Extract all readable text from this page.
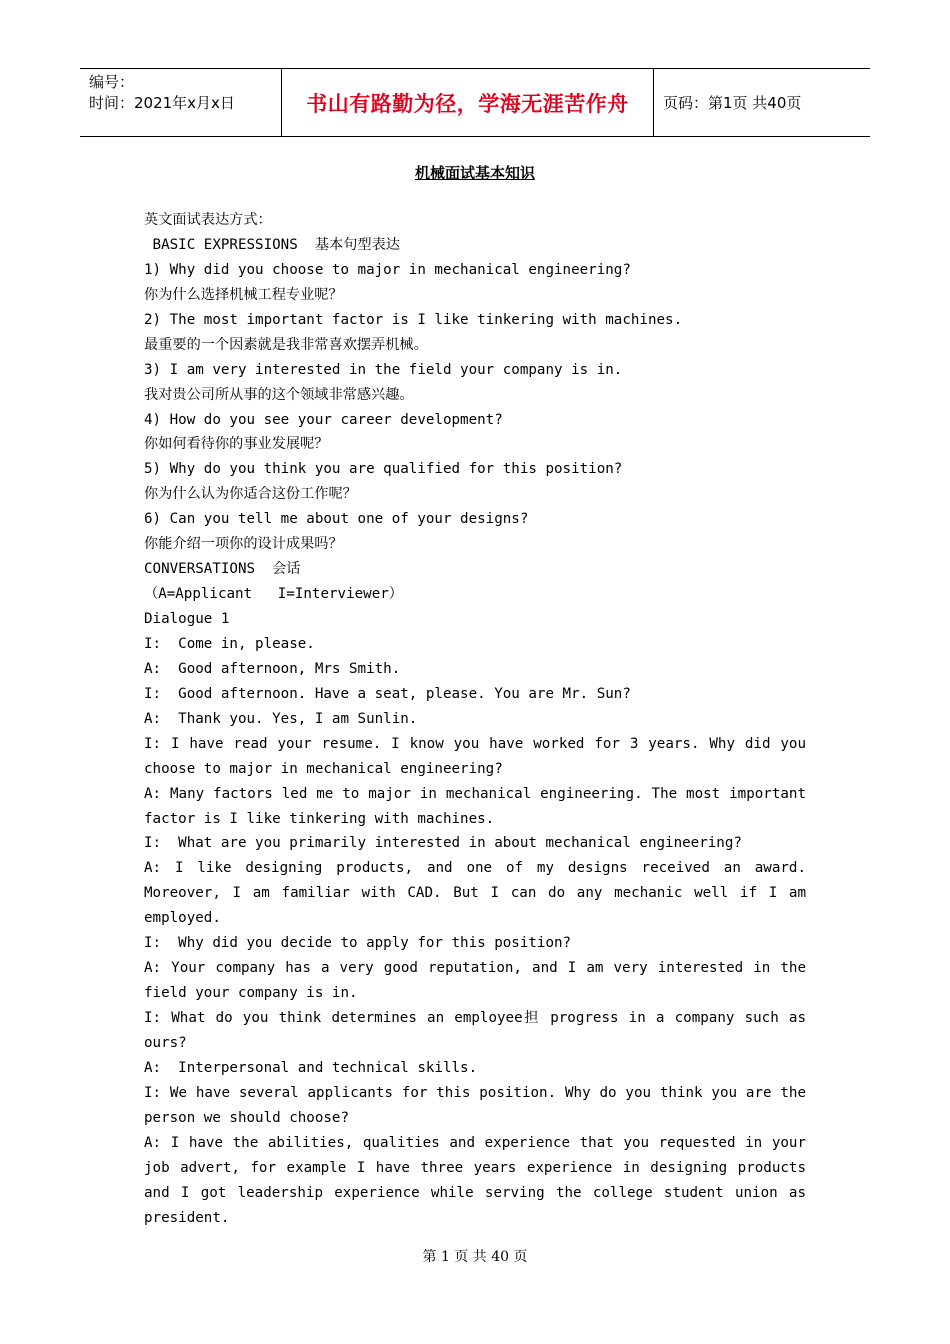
编号：
时间：2021年x月x日	书山有路勤为径，学海无涯苦作舟	页码：第1页 共40页
机械面试基本知识
英文面试表达方式：
BASIC EXPRESSIONS  基本句型表达
1) Why did you choose to major in mechanical engineering?
你为什么选择机械工程专业呢？
2) The most important factor is I like tinkering with machines.
最重要的一个因素就是我非常喜欢摆弄机械。
3) I am very interested in the field your company is in.
我对贵公司所从事的这个领域非常感兴趣。
4) How do you see your career development?
你如何看待你的事业发展呢？
5) Why do you think you are qualified for this position?
你为什么认为你适合这份工作呢？
6) Can you tell me about one of your designs?
你能介绍一项你的设计成果吗？
CONVERSATIONS  会话
（A=Applicant   I=Interviewer）
Dialogue 1
I:  Come in, please.
A:  Good afternoon, Mrs Smith.
I:  Good afternoon. Have a seat, please. You are Mr. Sun?
A:  Thank you. Yes, I am Sunlin.
I: I have read your resume. I know you have worked for 3 years. Why did you
choose to major in mechanical engineering?
A: Many factors led me to major in mechanical engineering. The most important
factor is I like tinkering with machines.
I:  What are you primarily interested in about mechanical engineering?
A: I like designing products, and one of my designs received an award.
Moreover, I am familiar with CAD. But I can do any mechanic well if I am
employed.
I:  Why did you decide to apply for this position?
A: Your company has a very good reputation, and I am very interested in the
field your company is in.
I: What do you think determines an employee担 progress in a company such as
ours?
A:  Interpersonal and technical skills.
I: We have several applicants for this position. Why do you think you are the
person we should choose?
A: I have the abilities, qualities and experience that you requested in your
job advert, for example I have three years experience in designing products
and I got leadership experience while serving the college student union as
president.
第 1 页 共 40 页
